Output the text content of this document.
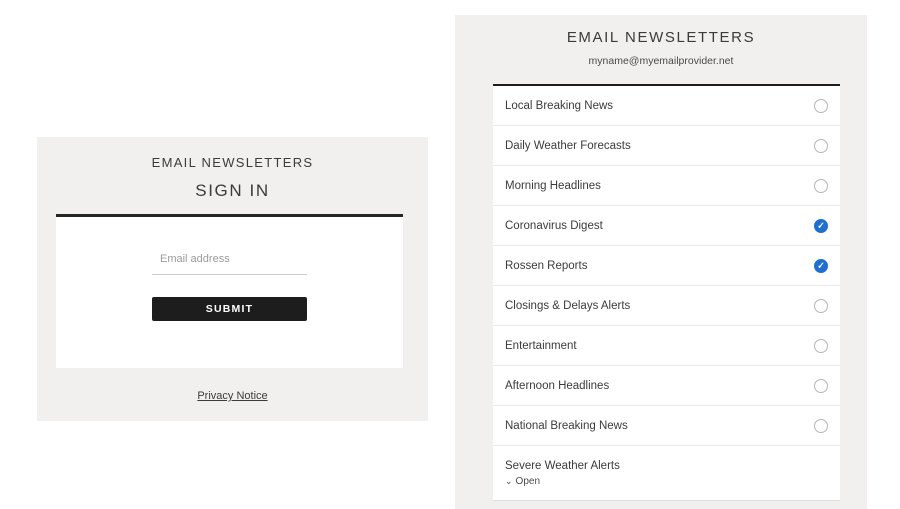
EMAIL NEWSLETTERS
SIGN IN
Email address
SUBMIT
Privacy Notice
EMAIL NEWSLETTERS
myname@myemailprovider.net
Local Breaking News
Daily Weather Forecasts
Morning Headlines
Coronavirus Digest
✓
Rossen Reports
✓
Closings & Delays Alerts
Entertainment
Afternoon Headlines
National Breaking News
Severe Weather Alerts
⌄ Open
